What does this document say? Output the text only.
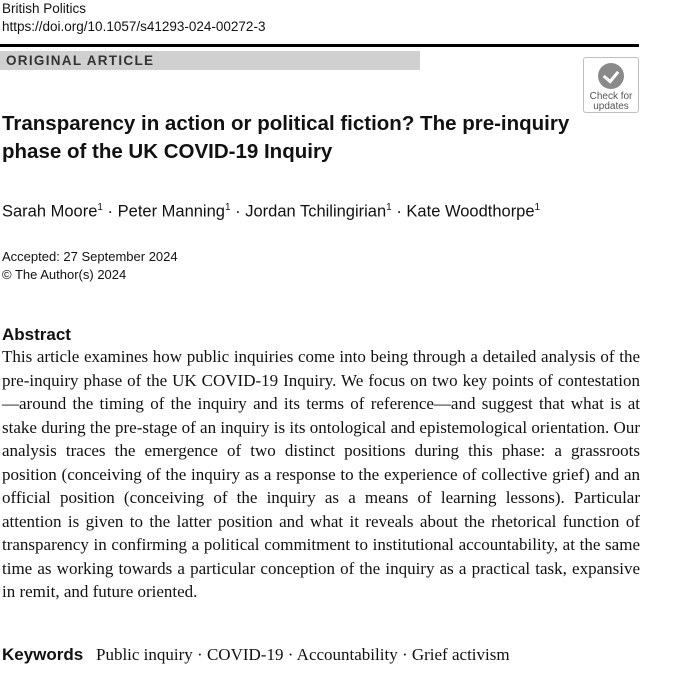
British Politics
https://doi.org/10.1057/s41293-024-00272-3
ORIGINAL ARTICLE
Check for
updates
Transparency in action or political fiction? The pre-inquiry phase of the UK COVID-19 Inquiry
Sarah Moore$^1$ · Peter Manning$^1$ · Jordan Tchilingirian$^1$ · Kate Woodthorpe$^1$
Accepted: 27 September 2024
© The Author(s) 2024
Abstract

This article examines how public inquiries come into being through a detailed analysis of the pre-inquiry phase of the UK COVID-19 Inquiry. We focus on two key points of contestation—around the timing of the inquiry and its terms of reference—and suggest that what is at stake during the pre-stage of an inquiry is its ontological and epistemological orientation. Our analysis traces the emergence of two distinct positions during this phase: a grassroots position (conceiving of the inquiry as a response to the experience of collective grief) and an official position (conceiving of the inquiry as a means of learning lessons). Particular attention is given to the latter position and what it reveals about the rhetorical function of transparency in confirming a political commitment to institutional accountability, at the same time as working towards a particular conception of the inquiry as a practical task, expansive in remit, and future oriented.

Keywords Public inquiry · COVID-19 · Accountability · Grief activism
